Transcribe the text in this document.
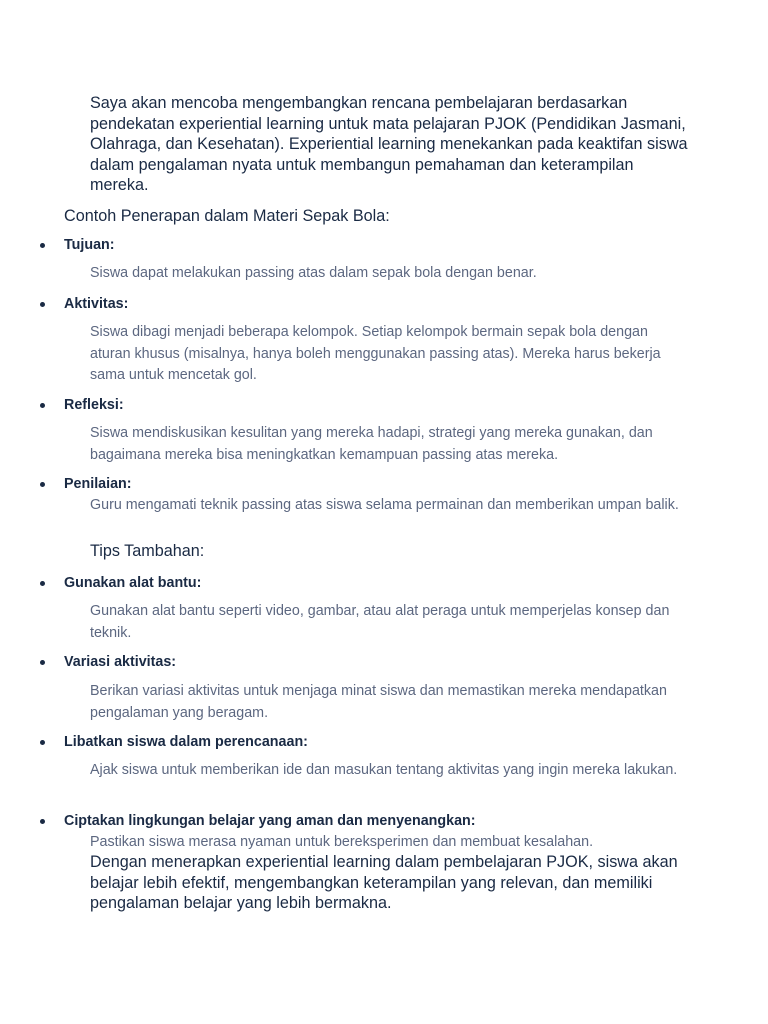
Saya akan mencoba mengembangkan rencana pembelajaran berdasarkan pendekatan experiential learning untuk mata pelajaran PJOK (Pendidikan Jasmani, Olahraga, dan Kesehatan). Experiential learning menekankan pada keaktifan siswa dalam pengalaman nyata untuk membangun pemahaman dan keterampilan mereka.

Contoh Penerapan dalam Materi Sepak Bola:
Tujuan:
Siswa dapat melakukan passing atas dalam sepak bola dengan benar.
Aktivitas:
Siswa dibagi menjadi beberapa kelompok. Setiap kelompok bermain sepak bola dengan aturan khusus (misalnya, hanya boleh menggunakan passing atas). Mereka harus bekerja sama untuk mencetak gol.
Refleksi:
Siswa mendiskusikan kesulitan yang mereka hadapi, strategi yang mereka gunakan, dan bagaimana mereka bisa meningkatkan kemampuan passing atas mereka.
Penilaian:
Guru mengamati teknik passing atas siswa selama permainan dan memberikan umpan balik.
Tips Tambahan:
Gunakan alat bantu:
Gunakan alat bantu seperti video, gambar, atau alat peraga untuk memperjelas konsep dan teknik.
Variasi aktivitas:
Berikan variasi aktivitas untuk menjaga minat siswa dan memastikan mereka mendapatkan pengalaman yang beragam.
Libatkan siswa dalam perencanaan:
Ajak siswa untuk memberikan ide dan masukan tentang aktivitas yang ingin mereka lakukan.
Ciptakan lingkungan belajar yang aman dan menyenangkan:
Pastikan siswa merasa nyaman untuk bereksperimen dan membuat kesalahan.

Dengan menerapkan experiential learning dalam pembelajaran PJOK, siswa akan belajar lebih efektif, mengembangkan keterampilan yang relevan, dan memiliki pengalaman belajar yang lebih bermakna.
